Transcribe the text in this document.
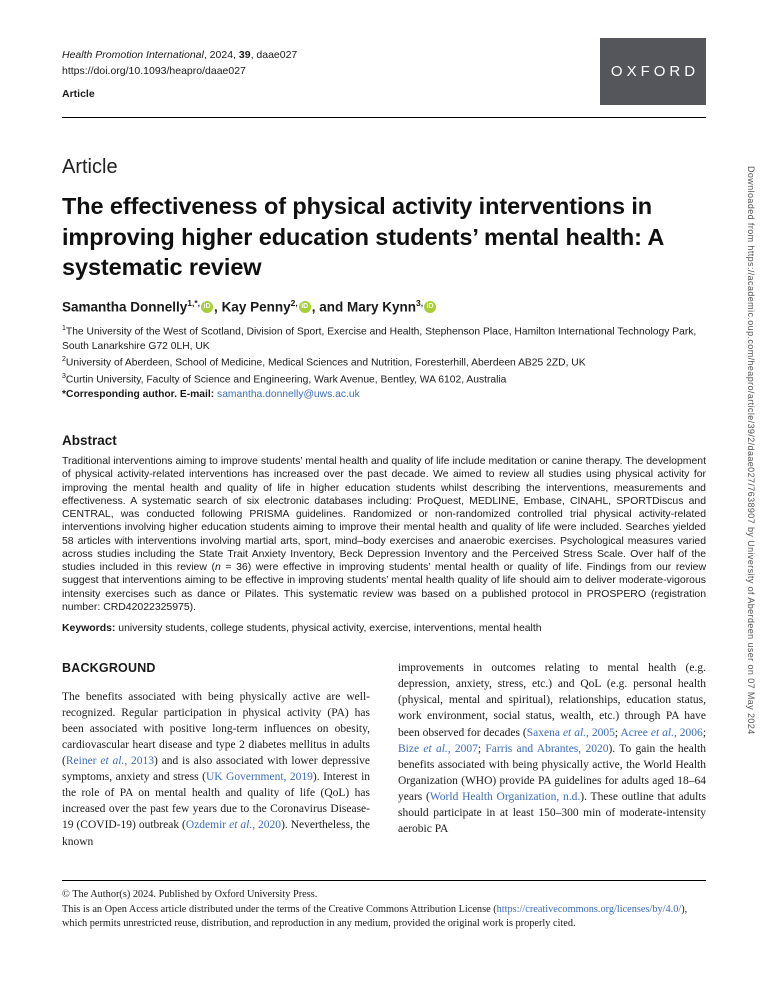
Health Promotion International, 2024, 39, daae027

https://doi.org/10.1093/heapro/daae027

Article

OXFORD
Article
The effectiveness of physical activity interventions in improving higher education students’ mental health: A systematic review

Samantha Donnelly$^{1,*,}$ iD , Kay Penny$^{2,}$ iD , and Mary Kynn$^{3,}$ iD

$^1$The University of the West of Scotland, Division of Sport, Exercise and Health, Stephenson Place, Hamilton International Technology Park, South Lanarkshire G72 0LH, UK

$^2$University of Aberdeen, School of Medicine, Medical Sciences and Nutrition, Foresterhill, Aberdeen AB25 2ZD, UK

$^3$Curtin University, Faculty of Science and Engineering, Wark Avenue, Bentley, WA 6102, Australia

*Corresponding author. E-mail: samantha.donnelly@uws.ac.uk

Abstract

Traditional interventions aiming to improve students’ mental health and quality of life include meditation or canine therapy. The development of physical activity-related interventions has increased over the past decade. We aimed to review all studies using physical activity for improving the mental health and quality of life in higher education students whilst describing the interventions, measurements and effectiveness. A systematic search of six electronic databases including: ProQuest, MEDLINE, Embase, CINAHL, SPORTDiscus and CENTRAL, was conducted following PRISMA guidelines. Randomized or non-randomized controlled trial physical activity-related interventions involving higher education students aiming to improve their mental health and quality of life were included. Searches yielded 58 articles with interventions involving martial arts, sport, mind–body exercises and anaerobic exercises. Psychological measures varied across studies including the State Trait Anxiety Inventory, Beck Depression Inventory and the Perceived Stress Scale. Over half of the studies included in this review (n = 36) were effective in improving students’ mental health or quality of life. Findings from our review suggest that interventions aiming to be effective in improving students’ mental health quality of life should aim to deliver moderate-vigorous intensity exercises such as dance or Pilates. This systematic review was based on a published protocol in PROSPERO (registration number: CRD42022325975).

Keywords: university students, college students, physical activity, exercise, interventions, mental health

BACKGROUND

The benefits associated with being physically active are well-recognized. Regular participation in physical activity (PA) has been associated with positive long-term influences on obesity, cardiovascular heart disease and type 2 diabetes mellitus in adults (Reiner et al., 2013) and is also associated with lower depressive symptoms, anxiety and stress (UK Government, 2019). Interest in the role of PA on mental health and quality of life (QoL) has increased over the past few years due to the Coronavirus Disease-19 (COVID-19) outbreak (Ozdemir et al., 2020). Nevertheless, the known

improvements in outcomes relating to mental health (e.g. depression, anxiety, stress, etc.) and QoL (e.g. personal health (physical, mental and spiritual), relationships, education status, work environment, social status, wealth, etc.) through PA have been observed for decades (Saxena et al., 2005; Acree et al., 2006; Bize et al., 2007; Farris and Abrantes, 2020). To gain the health benefits associated with being physically active, the World Health Organization (WHO) provide PA guidelines for adults aged 18–64 years (World Health Organization, n.d.). These outline that adults should participate in at least 150–300 min of moderate-intensity aerobic PA

© The Author(s) 2024. Published by Oxford University Press.

This is an Open Access article distributed under the terms of the Creative Commons Attribution License (https://creativecommons.org/licenses/by/4.0/), which permits unrestricted reuse, distribution, and reproduction in any medium, provided the original work is properly cited.

Downloaded from https://academic.oup.com/heapro/article/39/2/daae027/7638907 by University of Aberdeen user on 07 May 2024
